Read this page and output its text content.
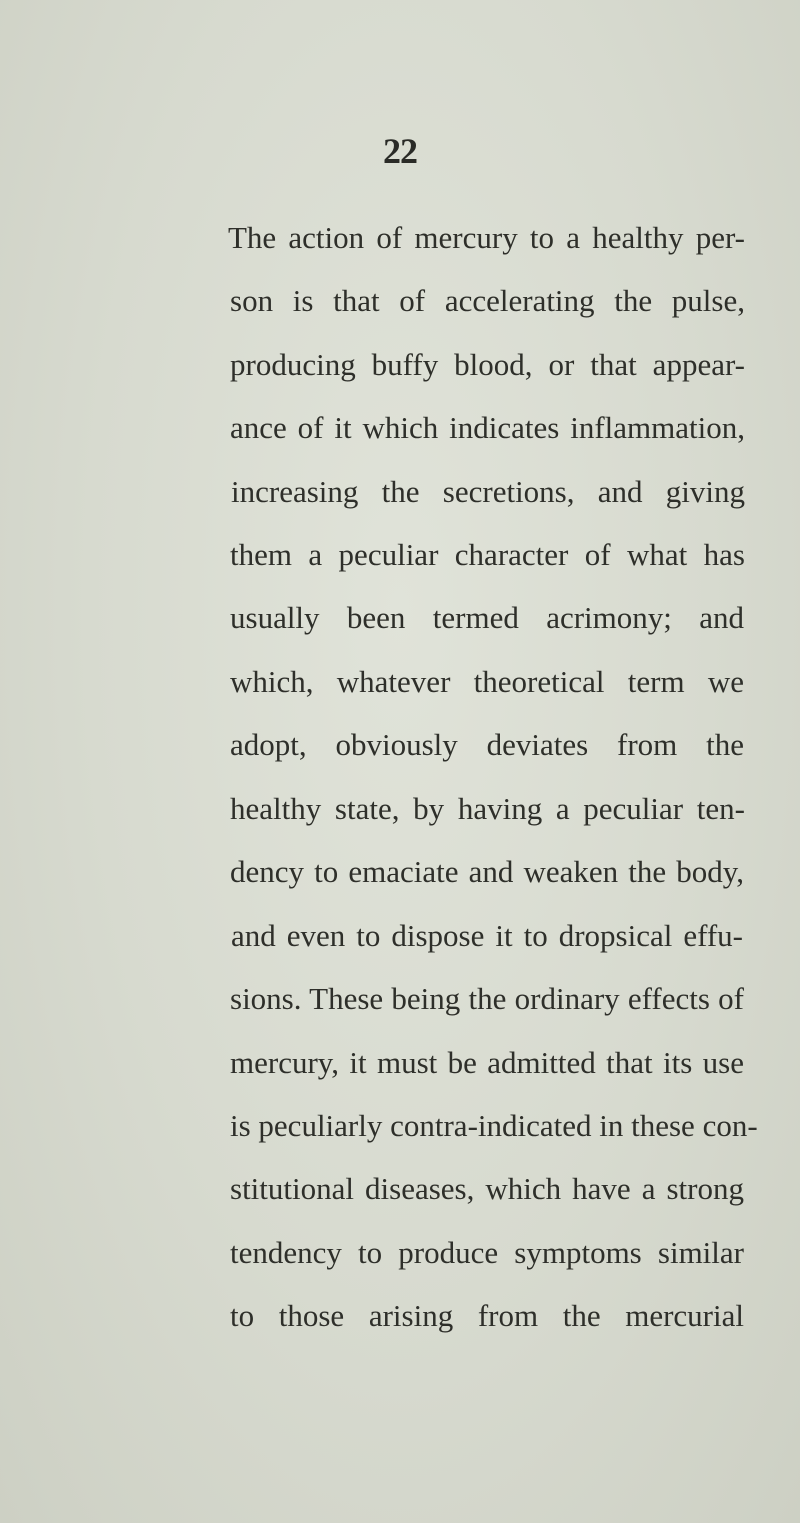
22
The action of mercury to a healthy per-
son is that of accelerating the pulse,
producing buffy blood, or that appear-
ance of it which indicates inflammation,
increasing the secretions, and giving
them a peculiar character of what has
usually been termed acrimony; and
which, whatever theoretical term we
adopt, obviously deviates from the
healthy state, by having a peculiar ten-
dency to emaciate and weaken the body,
and even to dispose it to dropsical effu-
sions. These being the ordinary effects of
mercury, it must be admitted that its use
is peculiarly contra-indicated in these con-
stitutional diseases, which have a strong
tendency to produce symptoms similar
to those arising from the mercurial
